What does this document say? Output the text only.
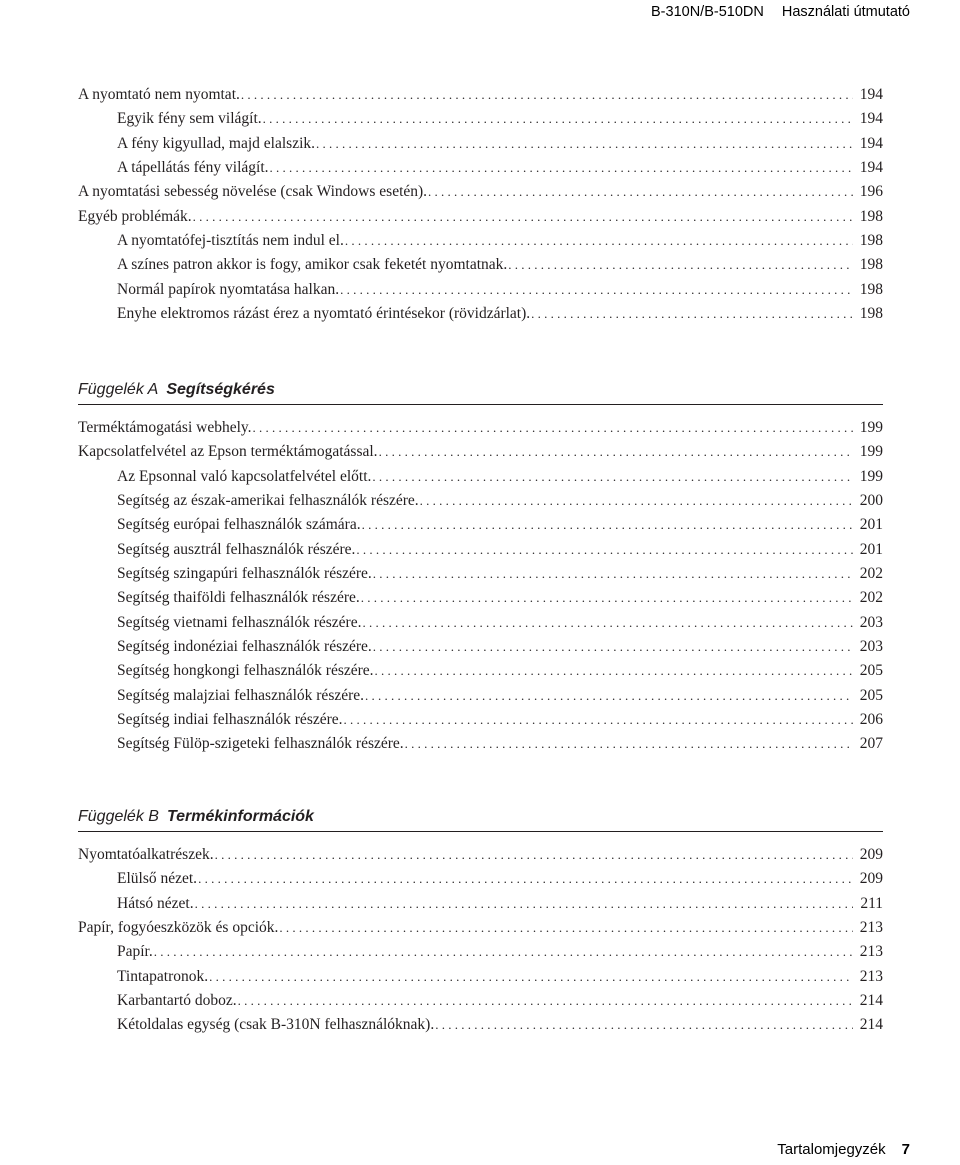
B-310N/B-510DN Használati útmutató
A nyomtató nem nyomtat. . . .	194
Egyik fény sem világít. . . .	194
A fény kigyullad, majd elalszik. . . .	194
A tápellátás fény világít. . . .	194
A nyomtatási sebesség növelése (csak Windows esetén). . . .	196
Egyéb problémák. . . .	198
A nyomtatófej-tisztítás nem indul el. . . .	198
A színes patron akkor is fogy, amikor csak feketét nyomtatnak. . . .	198
Normál papírok nyomtatása halkan. . . .	198
Enyhe elektromos rázást érez a nyomtató érintésekor (rövidzárlat). . . .	198
Függelék A Segítségkérés
Terméktámogatási webhely. . . .	199
Kapcsolatfelvétel az Epson terméktámogatással. . . .	199
Az Epsonnal való kapcsolatfelvétel előtt. . . .	199
Segítség az észak-amerikai felhasználók részére. . . .	200
Segítség európai felhasználók számára. . . .	201
Segítség ausztrál felhasználók részére. . . .	201
Segítség szingapúri felhasználók részére. . . .	202
Segítség thaiföldi felhasználók részére. . . .	202
Segítség vietnami felhasználók részére. . . .	203
Segítség indonéziai felhasználók részére. . . .	203
Segítség hongkongi felhasználók részére. . . .	205
Segítség malajziai felhasználók részére. . . .	205
Segítség indiai felhasználók részére. . . .	206
Segítség Fülöp-szigeteki felhasználók részére. . . .	207
Függelék B Termékinformációk
Nyomtatóalkatrészek. . . .	209
Elülső nézet. . . .	209
Hátsó nézet. . . .	211
Papír, fogyóeszközök és opciók. . . .	213
Papír. . . .	213
Tintapatronok. . . .	213
Karbantartó doboz. . . .	214
Kétoldalas egység (csak B-310N felhasználóknak). . . .	214
Tartalomjegyzék 7
